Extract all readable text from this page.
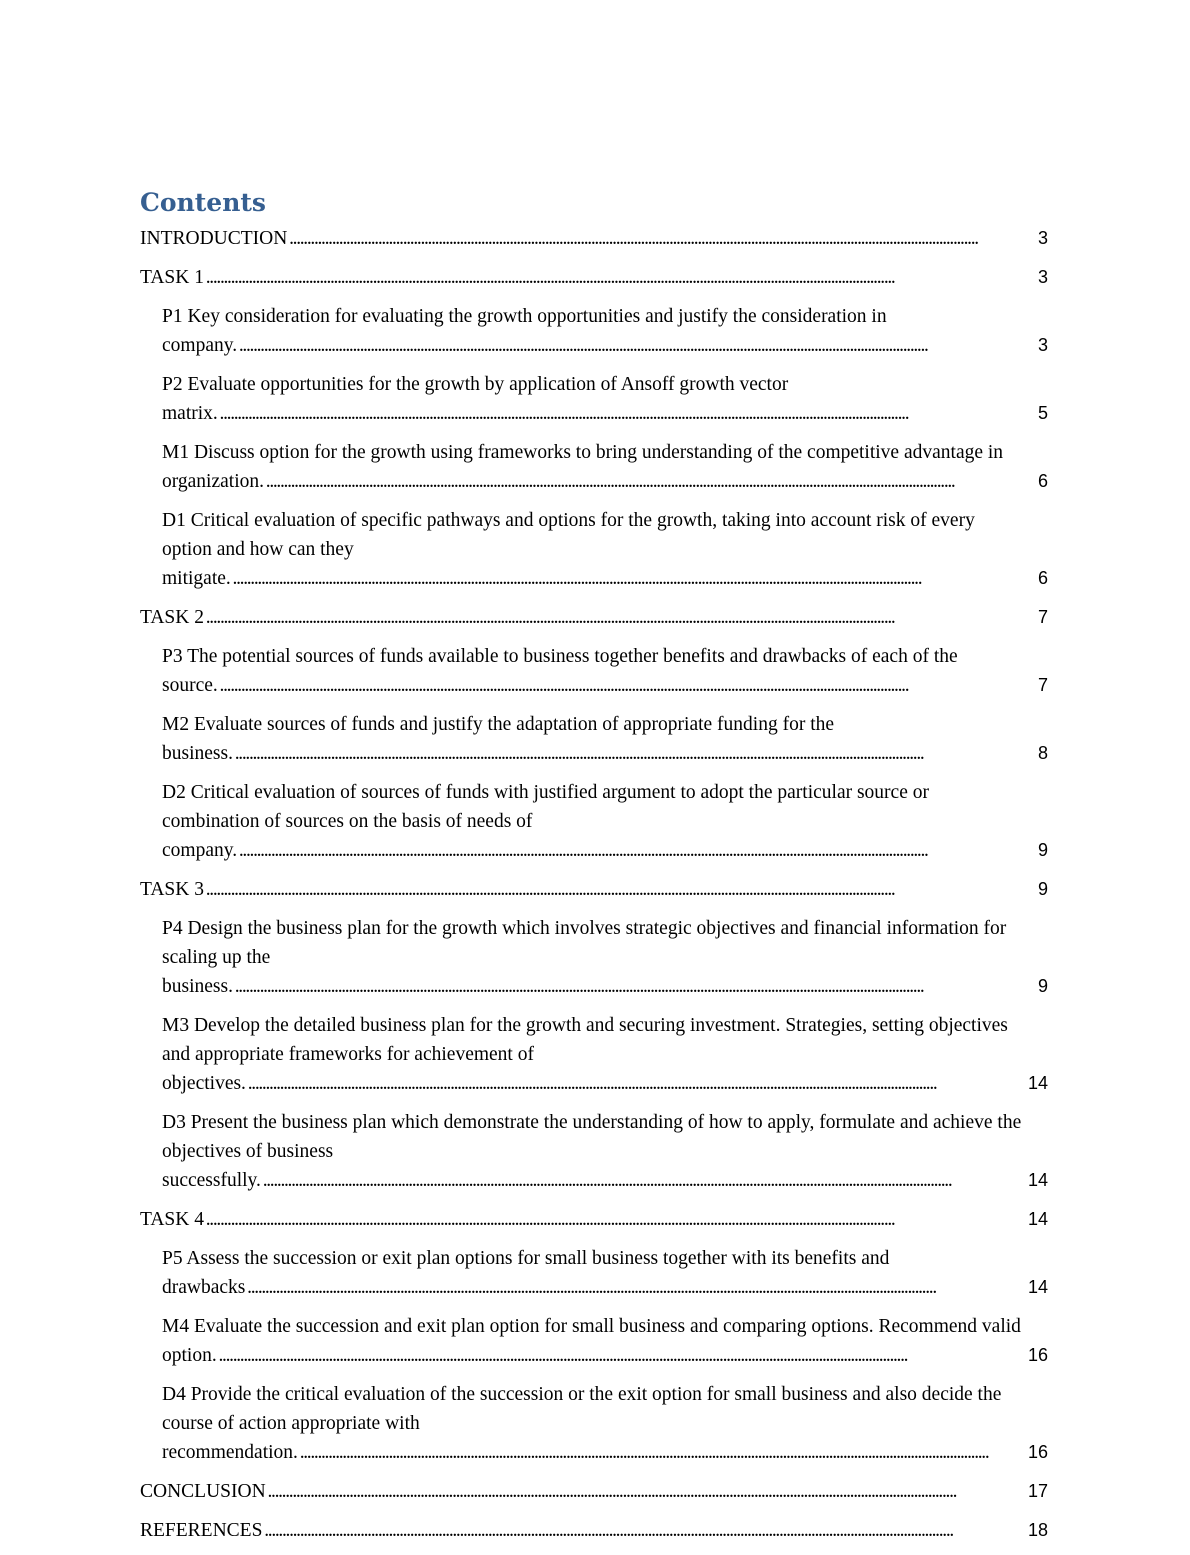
Contents
INTRODUCTION . . .	3
TASK 1 . . .	3
P1 Key consideration for evaluating the growth opportunities and justify the consideration in company. . . .	3
P2 Evaluate opportunities for the growth by application of Ansoff growth vector matrix. . . .	5
M1 Discuss option for the growth using frameworks to bring understanding of the competitive advantage in organization. . . .	6
D1 Critical evaluation of specific pathways and options for the growth, taking into account risk of every option and how can they mitigate. . . .	6
TASK 2 . . .	7
P3 The potential sources of funds available to business together benefits and drawbacks of each of the source. . . .	7
M2 Evaluate sources of funds and justify the adaptation of appropriate funding for the business. . . .	8
D2 Critical evaluation of sources of funds with justified argument to adopt the particular source or combination of sources on the basis of needs of company. . . .	9
TASK 3 . . .	9
P4 Design the business plan for the growth which involves strategic objectives and financial information for scaling up the business. . . .	9
M3 Develop the detailed business plan for the growth and securing investment. Strategies, setting objectives and appropriate frameworks for achievement of objectives. . . .	14
D3 Present the business plan which demonstrate the understanding of how to apply, formulate and achieve the objectives of business successfully. . . .	14
TASK 4 . . .	14
P5 Assess the succession or exit plan options for small business together with its benefits and drawbacks . . .	14
M4 Evaluate the succession and exit plan option for small business and comparing options. Recommend valid option. . . .	16
D4 Provide the critical evaluation of the succession or the exit option for small business and also decide the course of action appropriate with recommendation. . . .	16
CONCLUSION . . .	17
REFERENCES . . .	18
